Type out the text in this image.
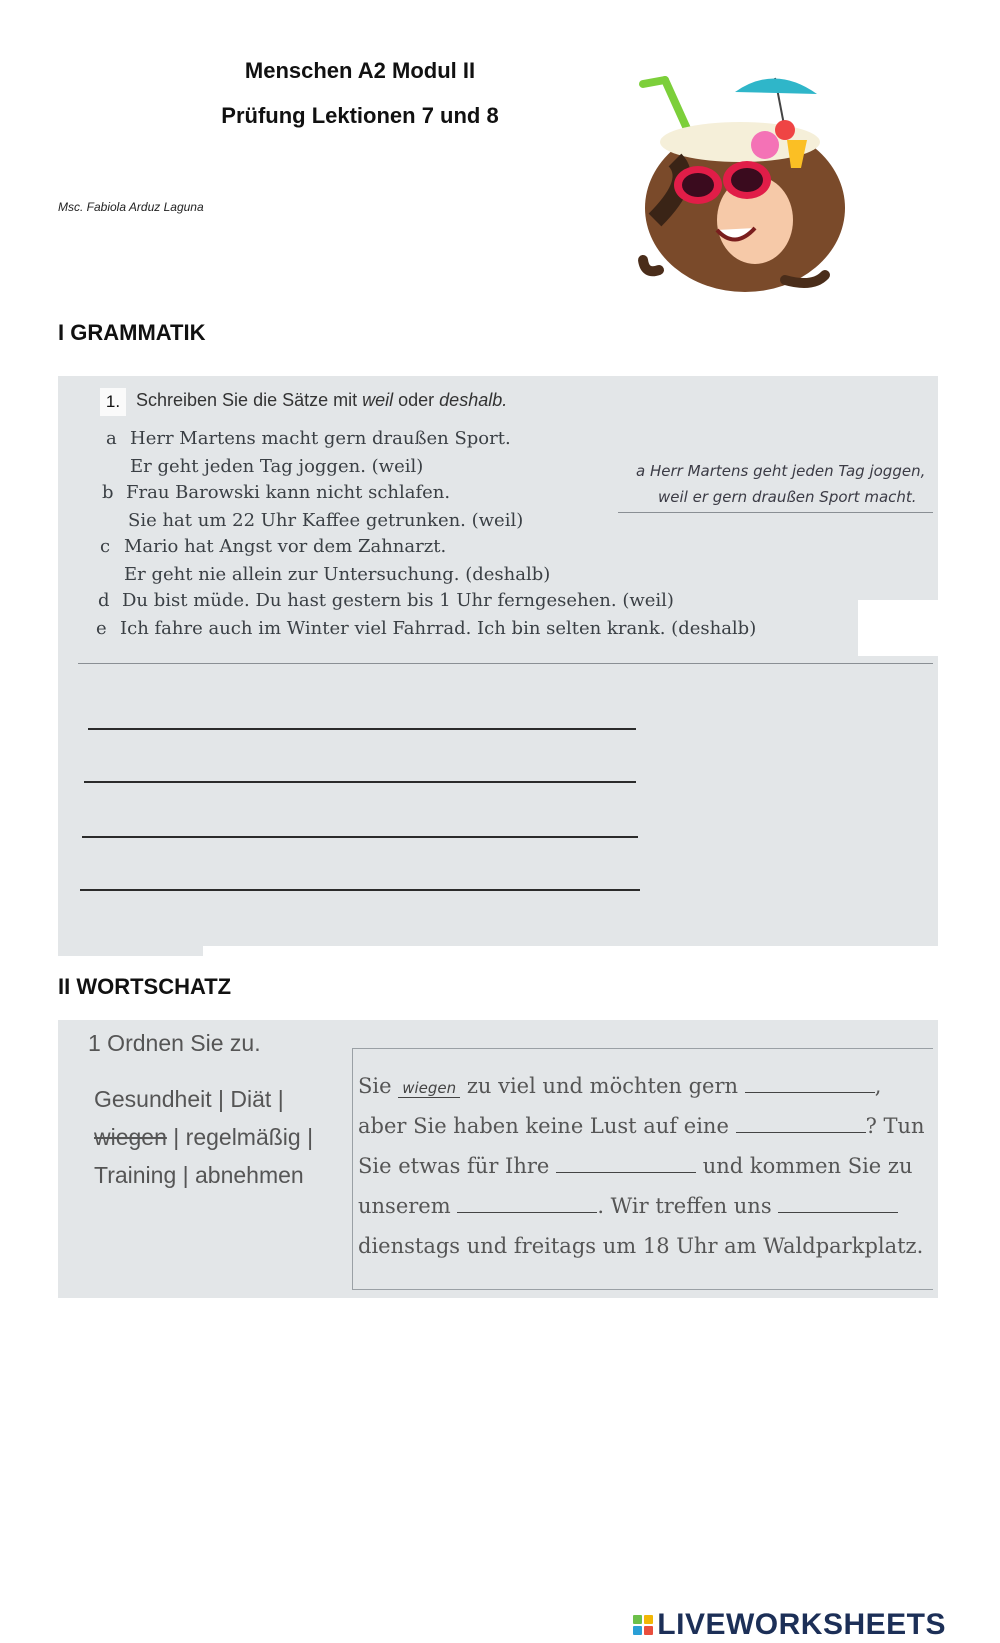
Menschen A2 Modul II
Prüfung Lektionen 7 und 8
Msc. Fabiola Arduz Laguna
I GRAMMATIK
1. Schreiben Sie die Sätze mit weil oder deshalb.
a Herr Martens macht gern draußen Sport.
Er geht jeden Tag joggen. (weil)
b Frau Barowski kann nicht schlafen.
Sie hat um 22 Uhr Kaffee getrunken. (weil)
c Mario hat Angst vor dem Zahnarzt.
Er geht nie allein zur Untersuchung. (deshalb)
d Du bist müde. Du hast gestern bis 1 Uhr ferngesehen. (weil)
e Ich fahre auch im Winter viel Fahrrad. Ich bin selten krank. (deshalb)
a Herr Martens geht jeden Tag joggen,
weil er gern draußen Sport macht.
II WORTSCHATZ
1 Ordnen Sie zu.
Gesundheit | Diät |
wiegen | regelmäßig |
Training | abnehmen
Sie wiegen zu viel und möchten gern	,
aber Sie haben keine Lust auf eine	? Tun
Sie etwas für Ihre	und kommen Sie zu
unserem	. Wir treffen uns
dienstags und freitags um 18 Uhr am Waldparkplatz.
LIVEWORKSHEETS
